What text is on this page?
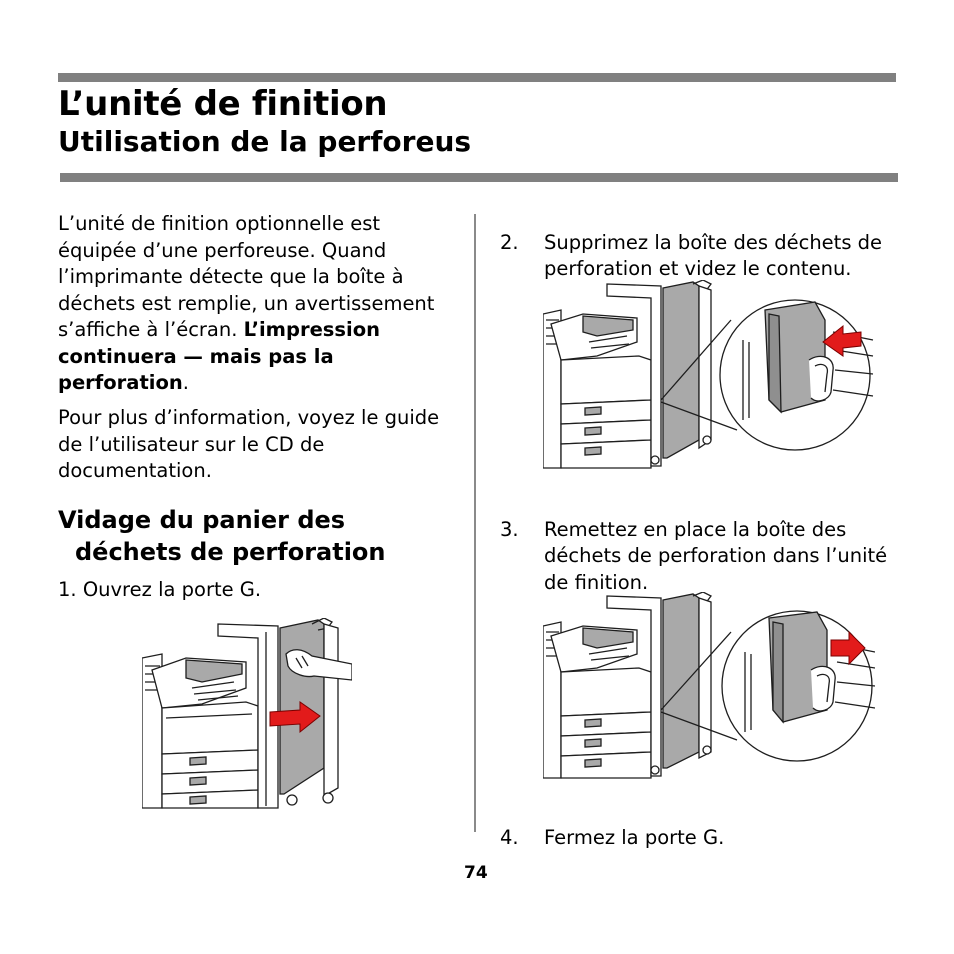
L’unité de finition
Utilisation de la perforeus

L’unité de finition optionnelle est équipée d’une perforeuse. Quand l’imprimante détecte que la boîte à déchets est remplie, un avertissement s’affiche à l’écran. L’impression continuera — mais pas la perforation.

Pour plus d’information, voyez le guide de l’utilisateur sur le CD de documentation.

Vidage du panier des
déchets de perforation

1. Ouvrez la porte G.

2.	Supprimez la boîte des déchets de perforation et videz le contenu.

3.	Remettez en place la boîte des déchets de perforation dans l’unité de finition.

4.	Fermez la porte G.

74
